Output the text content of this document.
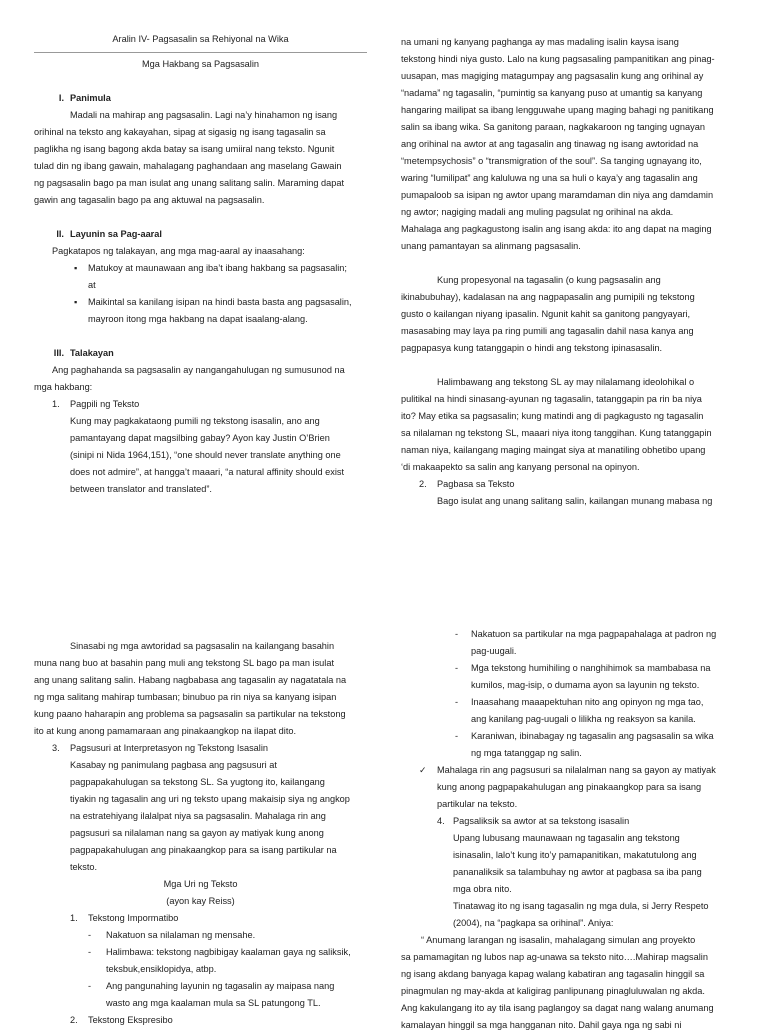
Aralin IV- Pagsasalin sa Rehiyonal na Wika

Mga Hakbang sa Pagsasalin

I. Panimula

Madali na mahirap ang pagsasalin. Lagi na’y hinahamon ng isang

orihinal na teksto ang kakayahan, sipag at sigasig ng isang tagasalin sa

paglikha ng isang bagong akda batay sa isang umiiral nang teksto. Ngunit

tulad din ng ibang gawain, mahalagang paghandaan ang maselang Gawain

ng pagsasalin bago pa man isulat ang unang salitang salin. Maraming dapat

gawin ang tagasalin bago pa ang aktuwal na pagsasalin.

II. Layunin sa Pag-aaral

Pagkatapos ng talakayan, ang mga mag-aaral ay inaasahang:

▪ Matukoy at maunawaan ang iba’t ibang hakbang sa pagsasalin;

at

▪ Maikintal sa kanilang isipan na hindi basta basta ang pagsasalin,

mayroon itong mga hakbang na dapat isaalang-alang.

III. Talakayan

Ang paghahanda sa pagsasalin ay nangangahulugan ng sumusunod na

mga hakbang:

1. Pagpili ng Teksto

Kung may pagkakataong pumili ng tekstong isasalin, ano ang

pamantayang dapat magsilbing gabay? Ayon kay Justin O’Brien

(sinipi ni Nida 1964,151), “one should never translate anything one

does not admire”, at hangga’t maaari, “a natural affinity should exist

between translator and translated”.

na umani ng kanyang paghanga ay mas madaling isalin kaysa isang

tekstong hindi niya gusto. Lalo na kung pagsasaling pampanitikan ang pinag-

uusapan, mas magiging matagumpay ang pagsasalin kung ang orihinal ay

“nadama” ng tagasalin, “pumintig sa kanyang puso at umantig sa kanyang

hangaring mailipat sa ibang lengguwahe upang maging bahagi ng panitikang

salin sa ibang wika. Sa ganitong paraan, nagkakaroon ng tanging ugnayan

ang orihinal na awtor at ang tagasalin ang tinawag ng isang awtoridad na

“metempsychosis” o “transmigration of the soul”. Sa tanging ugnayang ito,

waring “lumilipat” ang kaluluwa ng una sa huli o kaya’y ang tagasalin ang

pumapaloob sa isipan ng awtor upang maramdaman din niya ang damdamin

ng awtor; nagiging madali ang muling pagsulat ng orihinal na akda.

Mahalaga ang pagkagustong isalin ang isang akda: ito ang dapat na maging

unang pamantayan sa alinmang pagsasalin.

Kung propesyonal na tagasalin (o kung pagsasalin ang

ikinabubuhay), kadalasan na ang nagpapasalin ang pumipili ng tekstong

gusto o kailangan niyang ipasalin. Ngunit kahit sa ganitong pangyayari,

masasabing may laya pa ring pumili ang tagasalin dahil nasa kanya ang

pagpapasya kung tatanggapin o hindi ang tekstong ipinasasalin.

Halimbawang ang tekstong SL ay may nilalamang ideolohikal o

pulitikal na hindi sinasang-ayunan ng tagasalin, tatanggapin pa rin ba niya

ito? May etika sa pagsasalin; kung matindi ang di pagkagusto ng tagasalin

sa nilalaman ng tekstong SL, maaari niya itong tanggihan. Kung tatanggapin

naman niya, kailangang maging maingat siya at manatiling obhetibo upang

‘di makaapekto sa salin ang kanyang personal na opinyon.

2. Pagbasa sa Teksto

Bago isulat ang unang salitang salin, kailangan munang mabasa ng

Sinasabi ng mga awtoridad sa pagsasalin na kailangang basahin

muna nang buo at basahin pang muli ang tekstong SL bago pa man isulat

ang unang salitang salin. Habang nagbabasa ang tagasalin ay nagatatala na

ng mga salitang mahirap tumbasan; binubuo pa rin niya sa kanyang isipan

kung paano haharapin ang problema sa pagsasalin sa partikular na tekstong

ito at kung anong pamamaraan ang pinakaangkop na ilapat dito.

3. Pagsusuri at Interpretasyon ng Tekstong Isasalin

Kasabay ng panimulang pagbasa ang pagsusuri at

pagpapakahulugan sa tekstong SL. Sa yugtong ito, kailangang

tiyakin ng tagasalin ang uri ng teksto upang makaisip siya ng angkop

na estratehiyang ilalalpat niya sa pagsasalin. Mahalaga rin ang

pagsusuri sa nilalaman nang sa gayon ay matiyak kung anong

pagpapakahulugan ang pinakaangkop para sa isang partikular na

teksto.

Mga Uri ng Teksto

(ayon kay Reiss)

1. Tekstong Impormatibo

- Nakatuon sa nilalaman ng mensahe.

- Halimbawa: tekstong nagbibigay kaalaman gaya ng saliksik,

teksbuk,ensiklopidya, atbp.

- Ang pangunahing layunin ng tagasalin ay maipasa nang

wasto ang mga kaalaman mula sa SL patungong TL.

2. Tekstong Ekspresibo

- Nakatuon sa partikular na mga pagpapahalaga at padron ng

pag-uugali.

- Mga tekstong humihiling o nanghihimok sa mambabasa na

kumilos, mag-isip, o dumama ayon sa layunin ng teksto.

- Inaasahang maaapektuhan nito ang opinyon ng mga tao,

ang kanilang pag-uugali o lilikha ng reaksyon sa kanila.

- Karaniwan, ibinabagay ng tagasalin ang pagsasalin sa wika

ng mga tatanggap ng salin.

✓ Mahalaga rin ang pagsusuri sa nilalalman nang sa gayon ay matiyak

kung anong pagpapakahulugan ang pinakaangkop para sa isang

partikular na teksto.

4. Pagsaliksik sa awtor at sa tekstong isasalin

Upang lubusang maunawaan ng tagasalin ang tekstong

isinasalin, lalo’t kung ito’y pamapanitikan, makatutulong ang

pananaliksik sa talambuhay ng awtor at pagbasa sa iba pang

mga obra nito.

Tinatawag ito ng isang tagasalin ng mga dula, si Jerry Respeto

(2004), na “pagkapa sa orihinal”. Aniya:

“ Anumang larangan ng isasalin, mahalagang simulan ang proyekto

sa pamamagitan ng lubos nap ag-unawa sa teksto nito….Mahirap magsalin

ng isang akdang banyaga kapag walang kabatiran ang tagasalin hinggil sa

pinagmulan ng may-akda at kaligirag panlipunang pinagluluwalan ng akda.

Ang kakulangang ito ay tila isang paglangoy sa dagat nang walang anumang

kamalayan hinggil sa mga hangganan nito. Dahil gaya nga ng sabi ni
